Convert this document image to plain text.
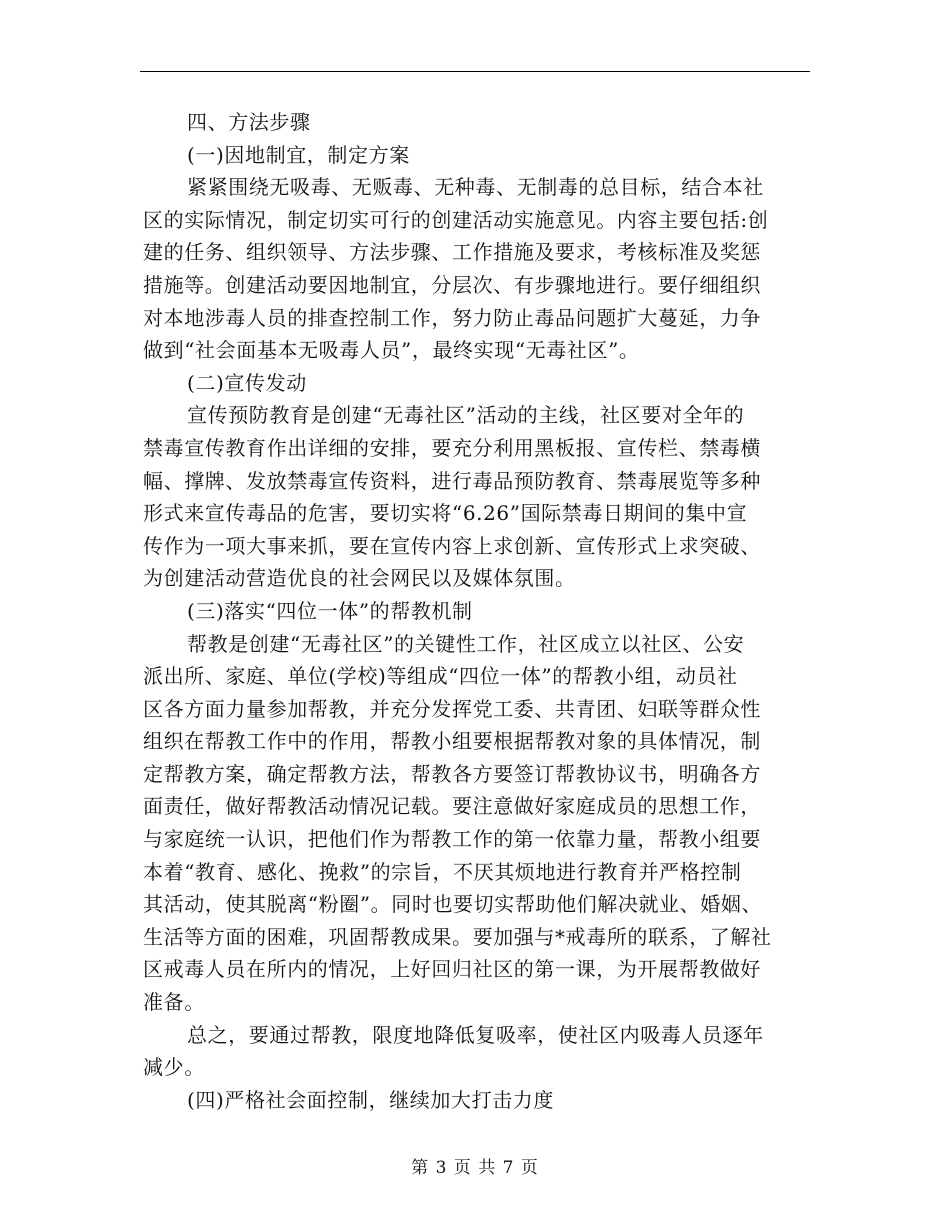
四、方法步骤
(一)因地制宜，制定方案
紧紧围绕无吸毒、无贩毒、无种毒、无制毒的总目标，结合本社
区的实际情况，制定切实可行的创建活动实施意见。内容主要包括:创
建的任务、组织领导、方法步骤、工作措施及要求，考核标准及奖惩
措施等。创建活动要因地制宜，分层次、有步骤地进行。要仔细组织
对本地涉毒人员的排查控制工作，努力防止毒品问题扩大蔓延，力争
做到“社会面基本无吸毒人员”，最终实现“无毒社区”。
(二)宣传发动
宣传预防教育是创建“无毒社区”活动的主线，社区要对全年的
禁毒宣传教育作出详细的安排，要充分利用黑板报、宣传栏、禁毒横
幅、撑牌、发放禁毒宣传资料，进行毒品预防教育、禁毒展览等多种
形式来宣传毒品的危害，要切实将“6.26”国际禁毒日期间的集中宣
传作为一项大事来抓，要在宣传内容上求创新、宣传形式上求突破、
为创建活动营造优良的社会网民以及媒体氛围。
(三)落实“四位一体”的帮教机制
帮教是创建“无毒社区”的关键性工作，社区成立以社区、公安
派出所、家庭、单位(学校)等组成“四位一体”的帮教小组，动员社
区各方面力量参加帮教，并充分发挥党工委、共青团、妇联等群众性
组织在帮教工作中的作用，帮教小组要根据帮教对象的具体情况，制
定帮教方案，确定帮教方法，帮教各方要签订帮教协议书，明确各方
面责任，做好帮教活动情况记载。要注意做好家庭成员的思想工作，
与家庭统一认识，把他们作为帮教工作的第一依靠力量，帮教小组要
本着“教育、感化、挽救”的宗旨，不厌其烦地进行教育并严格控制
其活动，使其脱离“粉圈”。同时也要切实帮助他们解决就业、婚姻、
生活等方面的困难，巩固帮教成果。要加强与*戒毒所的联系，了解社
区戒毒人员在所内的情况，上好回归社区的第一课，为开展帮教做好
准备。
总之，要通过帮教，限度地降低复吸率，使社区内吸毒人员逐年
减少。
(四)严格社会面控制，继续加大打击力度
第 3 页 共 7 页
